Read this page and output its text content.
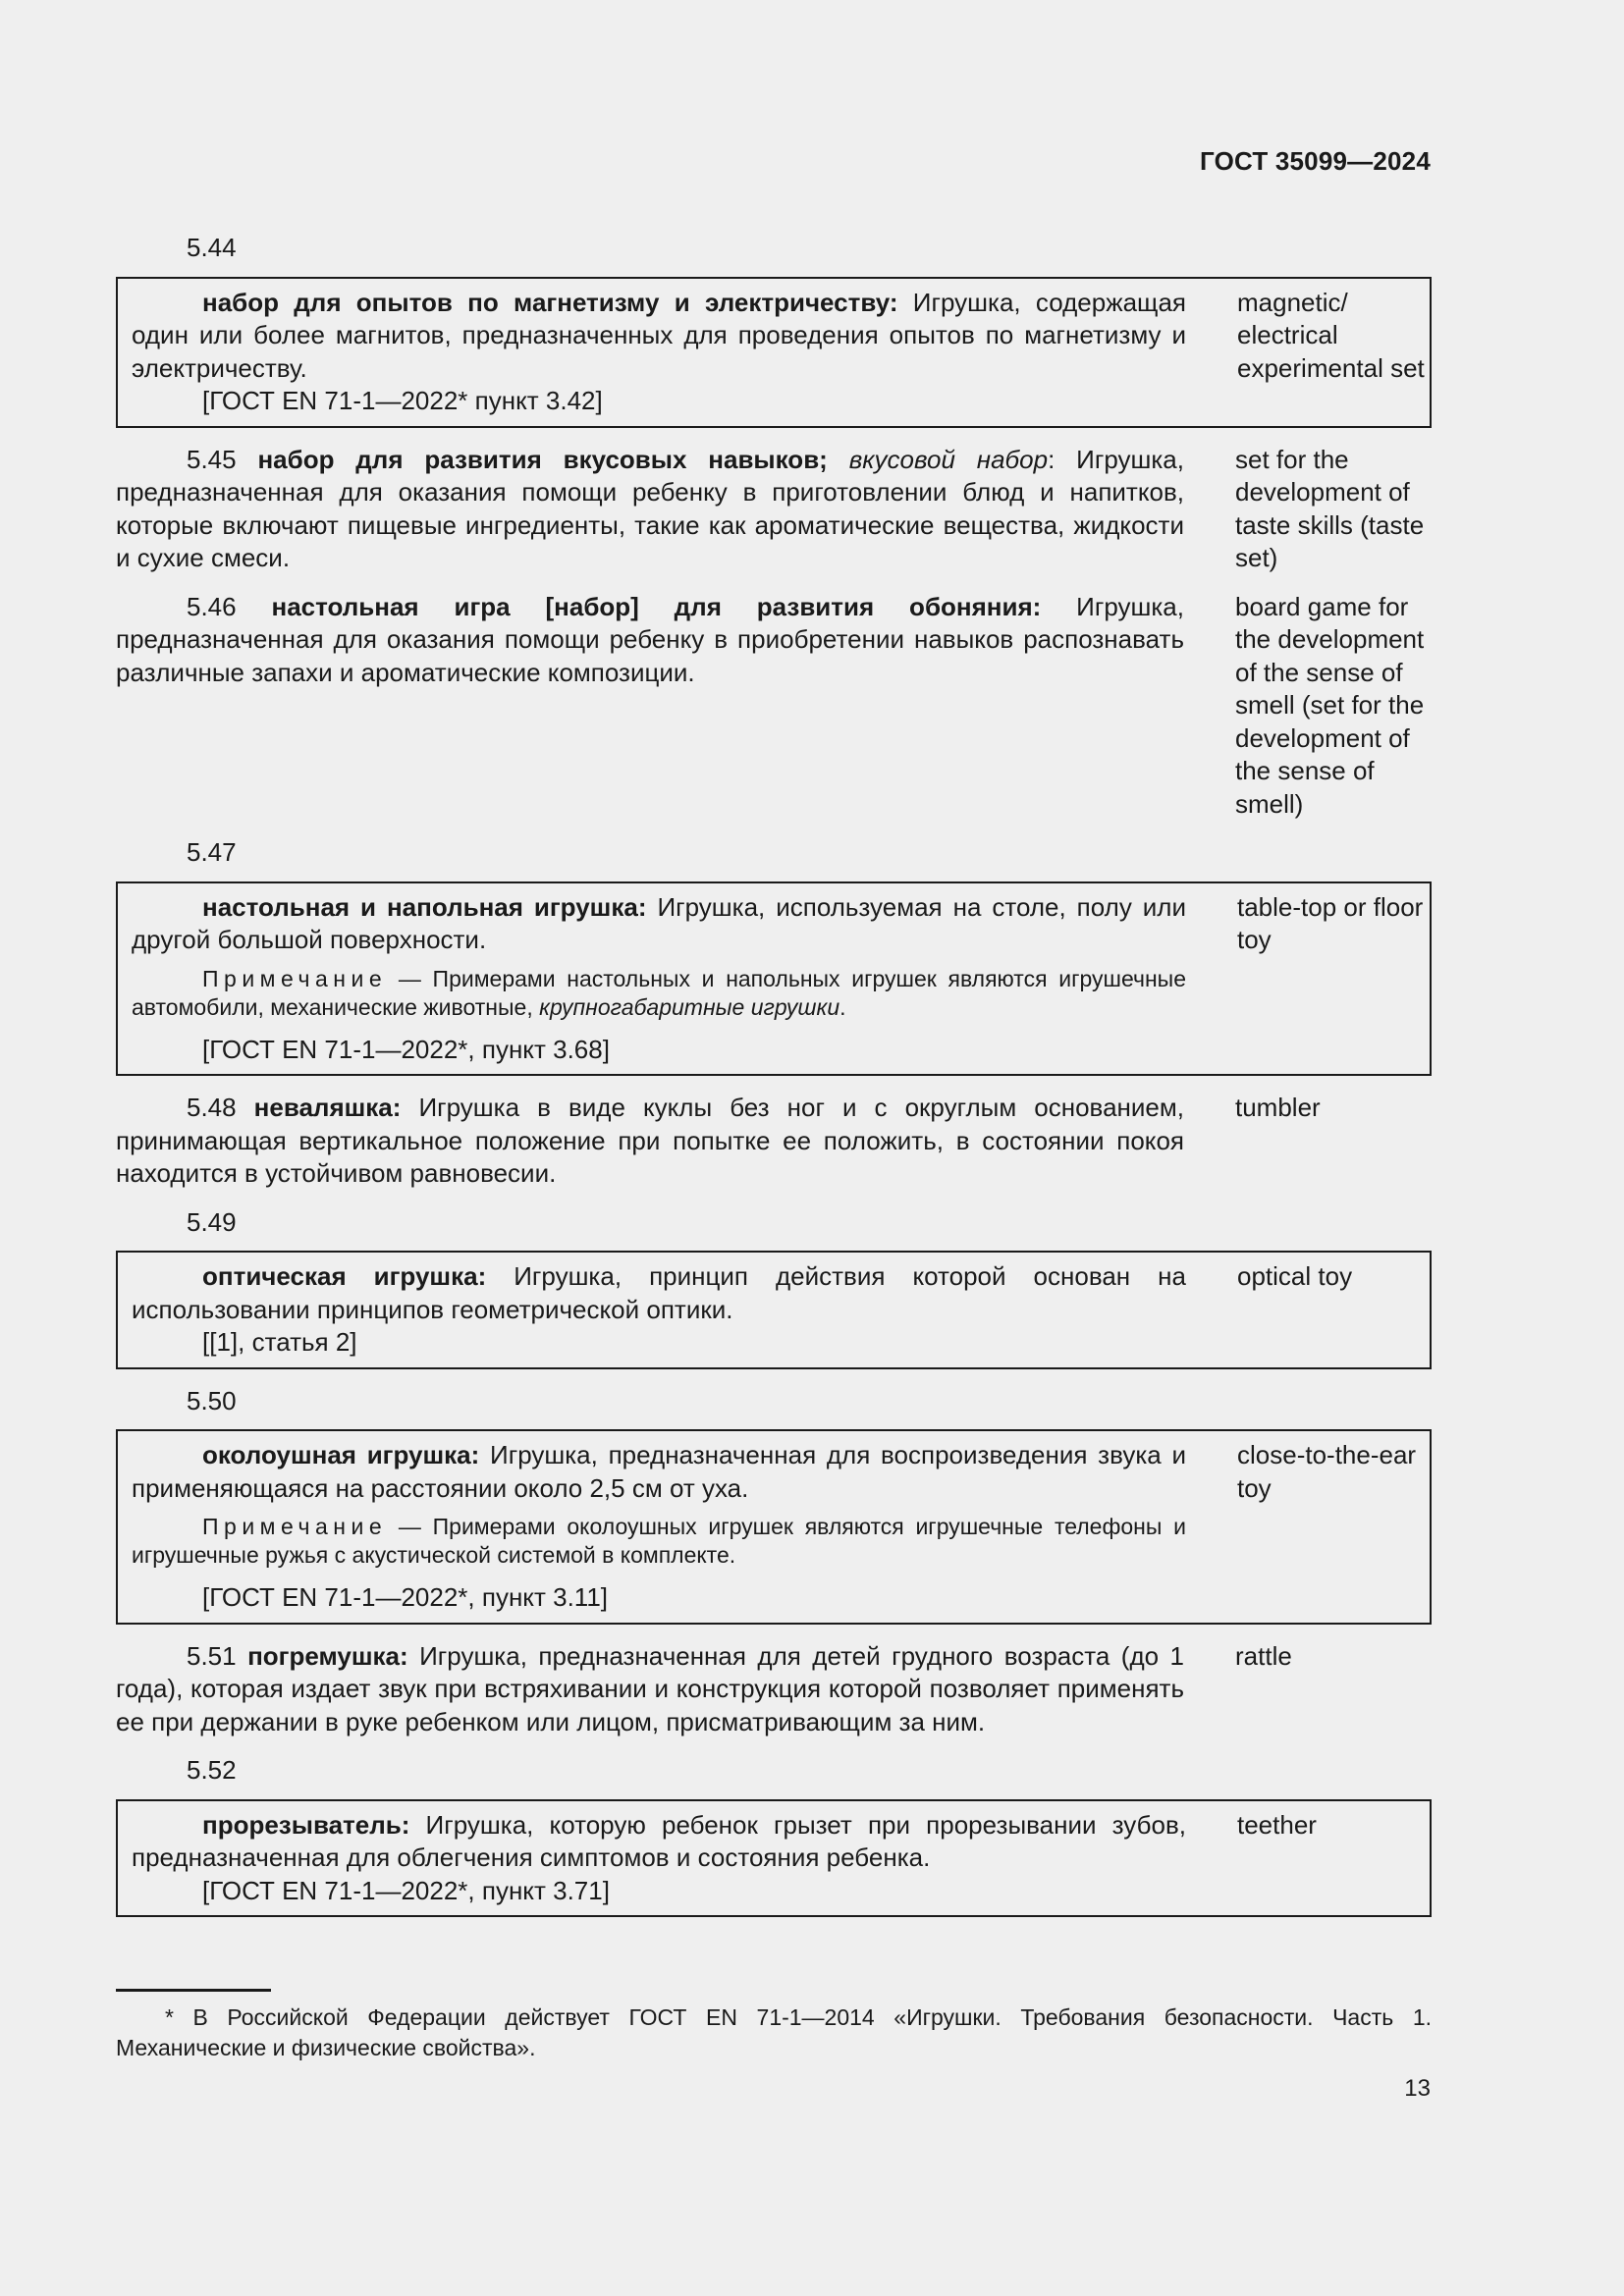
ГОСТ 35099—2024
5.44
набор для опытов по магнетизму и электричеству: Игрушка, содержащая один или более магнитов, предназначенных для проведения опытов по магнетизму и электричеству.
[ГОСТ EN 71-1—2022* пункт 3.42]
magnetic/ electrical experimental set
5.45 набор для развития вкусовых навыков; вкусовой набор: Игрушка, предназначенная для оказания помощи ребенку в приготовлении блюд и напитков, которые включают пищевые ингредиенты, такие как ароматические вещества, жидкости и сухие смеси.
set for the development of taste skills (taste set)
5.46 настольная игра [набор] для развития обоняния: Игрушка, предназначенная для оказания помощи ребенку в приобретении навыков распознавать различные запахи и ароматические композиции.
board game for the development of the sense of smell (set for the development of the sense of smell)
5.47
настольная и напольная игрушка: Игрушка, используемая на столе, полу или другой большой поверхности.
Примечание — Примерами настольных и напольных игрушек являются игрушечные автомобили, механические животные, крупногабаритные игрушки.
[ГОСТ EN 71-1—2022*, пункт 3.68]
table-top or floor toy
5.48 неваляшка: Игрушка в виде куклы без ног и с округлым основанием, принимающая вертикальное положение при попытке ее положить, в состоянии покоя находится в устойчивом равновесии.
tumbler
5.49
оптическая игрушка: Игрушка, принцип действия которой основан на использовании принципов геометрической оптики.
[[1], статья 2]
optical toy
5.50
околоушная игрушка: Игрушка, предназначенная для воспроизведения звука и применяющаяся на расстоянии около 2,5 см от уха.
Примечание — Примерами околоушных игрушек являются игрушечные телефоны и игрушечные ружья с акустической системой в комплекте.
[ГОСТ EN 71-1—2022*, пункт 3.11]
close-to-the-ear toy
5.51 погремушка: Игрушка, предназначенная для детей грудного возраста (до 1 года), которая издает звук при встряхивании и конструкция которой позволяет применять ее при держании в руке ребенком или лицом, присматривающим за ним.
rattle
5.52
прорезыватель: Игрушка, которую ребенок грызет при прорезывании зубов, предназначенная для облегчения симптомов и состояния ребенка.
[ГОСТ EN 71-1—2022*, пункт 3.71]
teether
* В Российской Федерации действует ГОСТ EN 71-1—2014 «Игрушки. Требования безопасности. Часть 1. Механические и физические свойства».
13
